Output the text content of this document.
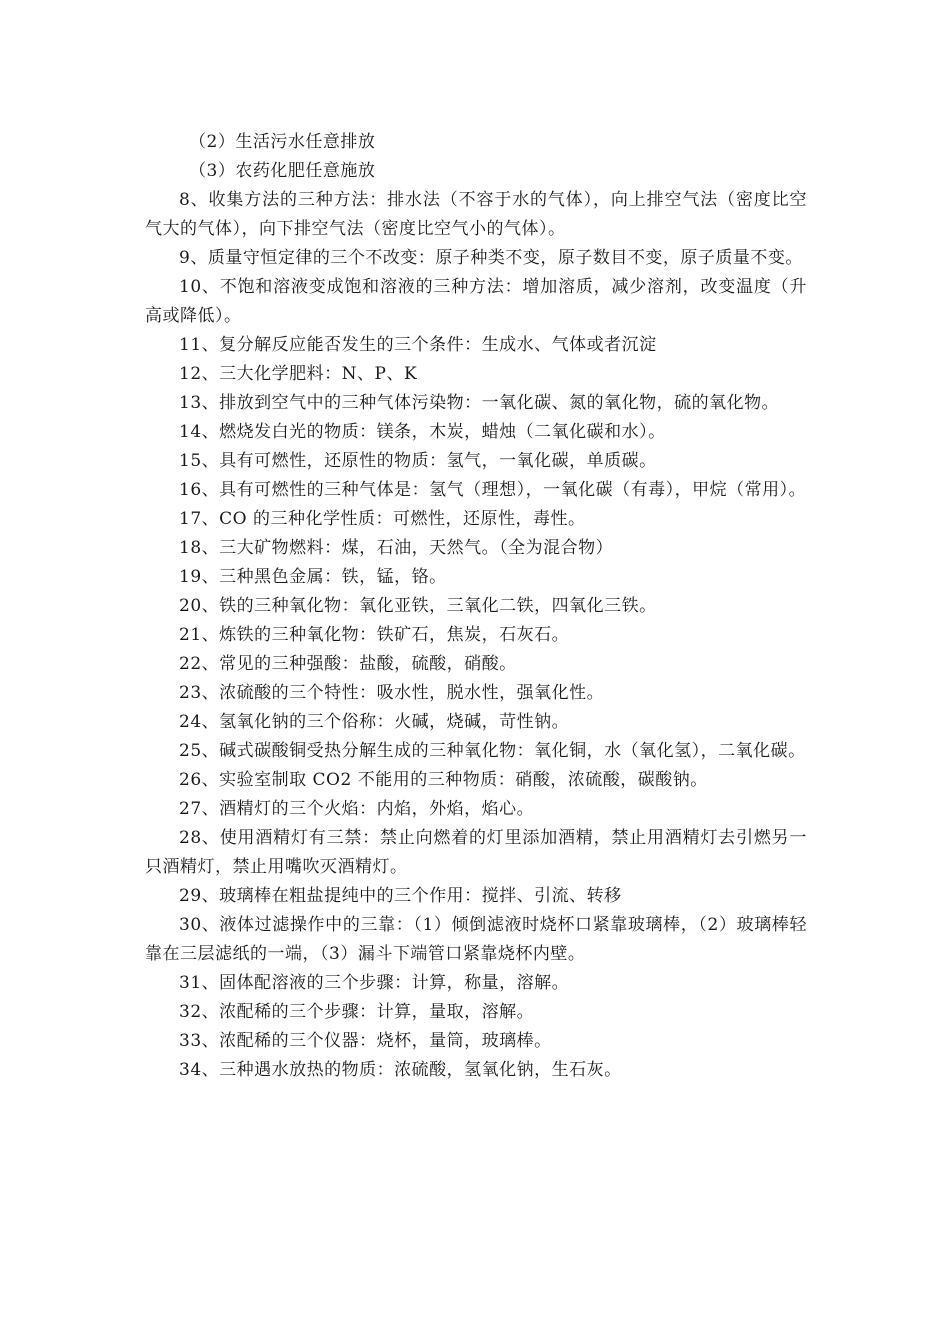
（2）生活污水任意排放

（3）农药化肥任意施放

8、收集方法的三种方法：排水法（不容于水的气体），向上排空气法（密度比空气大的气体），向下排空气法（密度比空气小的气体）。

9、质量守恒定律的三个不改变：原子种类不变，原子数目不变，原子质量不变。

10、不饱和溶液变成饱和溶液的三种方法：增加溶质，减少溶剂，改变温度（升高或降低）。

11、复分解反应能否发生的三个条件：生成水、气体或者沉淀

12、三大化学肥料：N、P、K

13、排放到空气中的三种气体污染物：一氧化碳、氮的氧化物，硫的氧化物。

14、燃烧发白光的物质：镁条，木炭，蜡烛（二氧化碳和水）。

15、具有可燃性，还原性的物质：氢气，一氧化碳，单质碳。

16、具有可燃性的三种气体是：氢气（理想），一氧化碳（有毒），甲烷（常用）。

17、CO 的三种化学性质：可燃性，还原性，毒性。

18、三大矿物燃料：煤，石油，天然气。（全为混合物）

19、三种黑色金属：铁，锰，铬。

20、铁的三种氧化物：氧化亚铁，三氧化二铁，四氧化三铁。

21、炼铁的三种氧化物：铁矿石，焦炭，石灰石。

22、常见的三种强酸：盐酸，硫酸，硝酸。

23、浓硫酸的三个特性：吸水性，脱水性，强氧化性。

24、氢氧化钠的三个俗称：火碱，烧碱，苛性钠。

25、碱式碳酸铜受热分解生成的三种氧化物：氧化铜，水（氧化氢），二氧化碳。

26、实验室制取 CO2 不能用的三种物质：硝酸，浓硫酸，碳酸钠。

27、酒精灯的三个火焰：内焰，外焰，焰心。

28、使用酒精灯有三禁：禁止向燃着的灯里添加酒精，禁止用酒精灯去引燃另一只酒精灯，禁止用嘴吹灭酒精灯。

29、玻璃棒在粗盐提纯中的三个作用：搅拌、引流、转移

30、液体过滤操作中的三靠：（1）倾倒滤液时烧杯口紧靠玻璃棒，（2）玻璃棒轻靠在三层滤纸的一端，（3）漏斗下端管口紧靠烧杯内壁。

31、固体配溶液的三个步骤：计算，称量，溶解。

32、浓配稀的三个步骤：计算，量取，溶解。

33、浓配稀的三个仪器：烧杯，量筒，玻璃棒。

34、三种遇水放热的物质：浓硫酸，氢氧化钠，生石灰。
